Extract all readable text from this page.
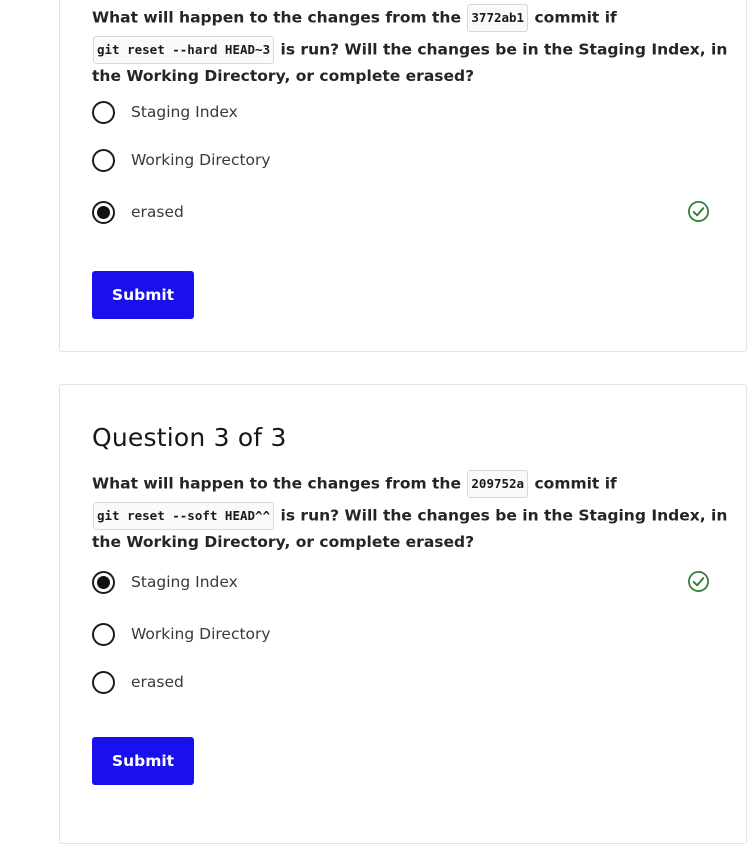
What will happen to the changes from the 3772ab1 commit if
git reset --hard HEAD~3 is run? Will the changes be in the Staging Index, in
the Working Directory, or complete erased?
Staging Index
Working Directory
erased
Submit
Question 3 of 3
What will happen to the changes from the 209752a commit if
git reset --soft HEAD^^ is run? Will the changes be in the Staging Index, in
the Working Directory, or complete erased?
Staging Index
Working Directory
erased
Submit
